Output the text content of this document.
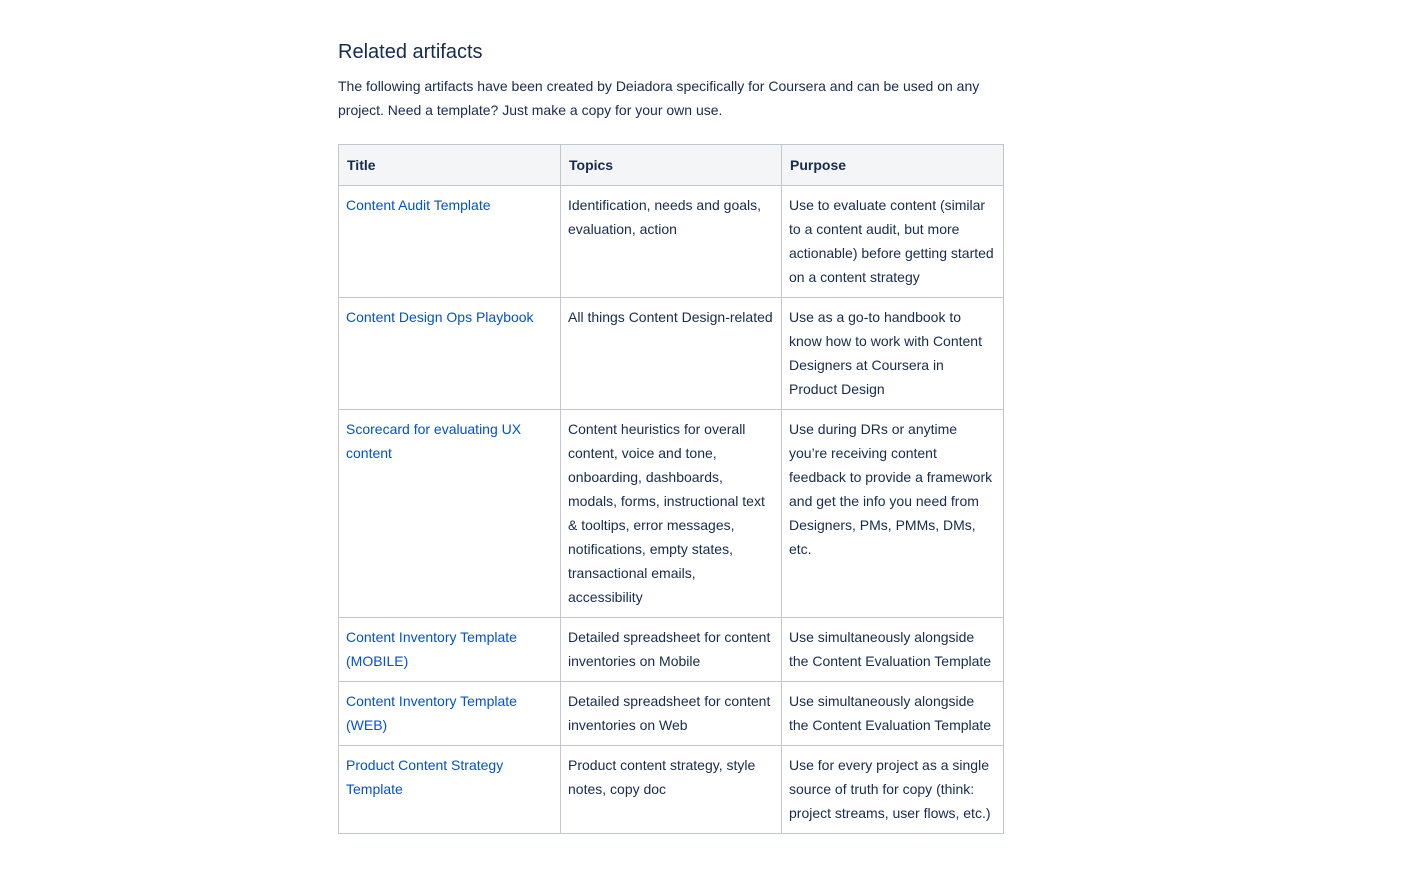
Related artifacts

The following artifacts have been created by Deiadora specifically for Coursera and can be used on any project. Need a template? Just make a copy for your own use.

Title	Topics	Purpose
Content Audit Template	Identification, needs and goals, evaluation, action	Use to evaluate content (similar to a content audit, but more actionable) before getting started on a content strategy
Content Design Ops Playbook	All things Content Design-related	Use as a go-to handbook to know how to work with Content Designers at Coursera in Product Design
Scorecard for evaluating UX content	Content heuristics for overall content, voice and tone, onboarding, dashboards, modals, forms, instructional text & tooltips, error messages, notifications, empty states, transactional emails, accessibility	Use during DRs or anytime you’re receiving content feedback to provide a framework and get the info you need from Designers, PMs, PMMs, DMs, etc.
Content Inventory Template (MOBILE)	Detailed spreadsheet for content inventories on Mobile	Use simultaneously alongside the Content Evaluation Template
Content Inventory Template (WEB)	Detailed spreadsheet for content inventories on Web	Use simultaneously alongside the Content Evaluation Template
Product Content Strategy Template	Product content strategy, style notes, copy doc	Use for every project as a single source of truth for copy (think: project streams, user flows, etc.)
